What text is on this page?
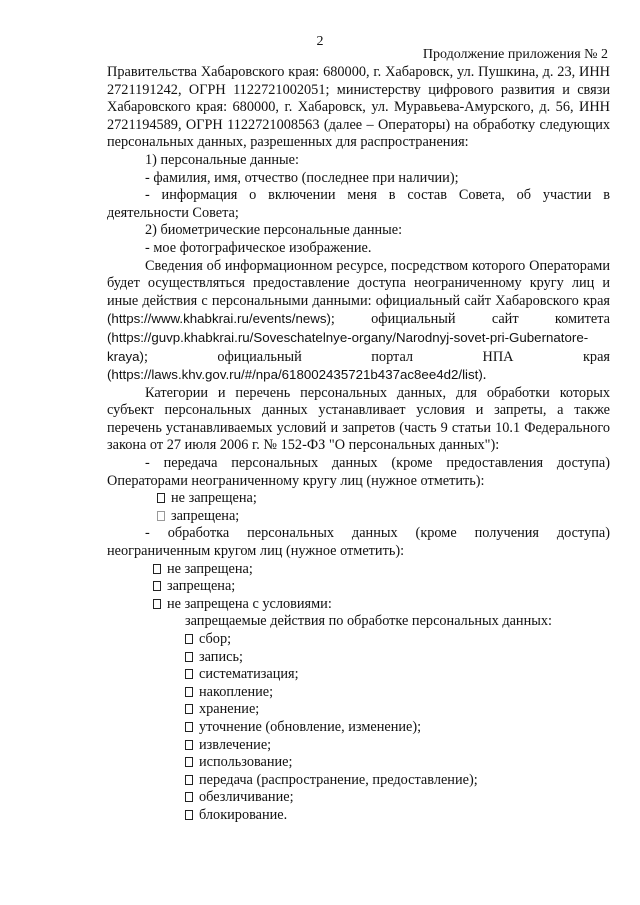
2
Продолжение приложения № 2

Правительства Хабаровского края: 680000, г. Хабаровск, ул. Пушкина, д. 23, ИНН 2721191242, ОГРН 1122721002051; министерству цифрового развития и связи Хабаровского края: 680000, г. Хабаровск, ул. Муравьева-Амурского, д. 56, ИНН 2721194589, ОГРН 1122721008563 (далее – Операторы) на обработку следующих персональных данных, разрешенных для распространения:

1) персональные данные:

- фамилия, имя, отчество (последнее при наличии);

- информация о включении меня в состав Совета, об участии в деятельности Совета;

2) биометрические персональные данные:

- мое фотографическое изображение.

Сведения об информационном ресурсе, посредством которого Операторами будет осуществляться предоставление доступа неограниченному кругу лиц и иные действия с персональными данными: официальный сайт Хабаровского края (https://www.khabkrai.ru/events/news); официальный сайт комитета (https://guvp.khabkrai.ru/Soveschatelnye-organy/Narodnyj-sovet-pri-Gubernatore-kraya); официальный портал НПА края (https://laws.khv.gov.ru/#/npa/618002435721b437ac8ee4d2/list).

Категории и перечень персональных данных, для обработки которых субъект персональных данных устанавливает условия и запреты, а также перечень устанавливаемых условий и запретов (часть 9 статьи 10.1 Федерального закона от 27 июля 2006 г. № 152-ФЗ "О персональных данных"):

- передача персональных данных (кроме предоставления доступа) Операторами неограниченному кругу лиц (нужное отметить):

не запрещена;

запрещена;

- обработка персональных данных (кроме получения доступа) неограниченным кругом лиц (нужное отметить):

не запрещена;

запрещена;

не запрещена с условиями:

запрещаемые действия по обработке персональных данных:

сбор;

запись;

систематизация;

накопление;

хранение;

уточнение (обновление, изменение);

извлечение;

использование;

передача (распространение, предоставление);

обезличивание;

блокирование.
